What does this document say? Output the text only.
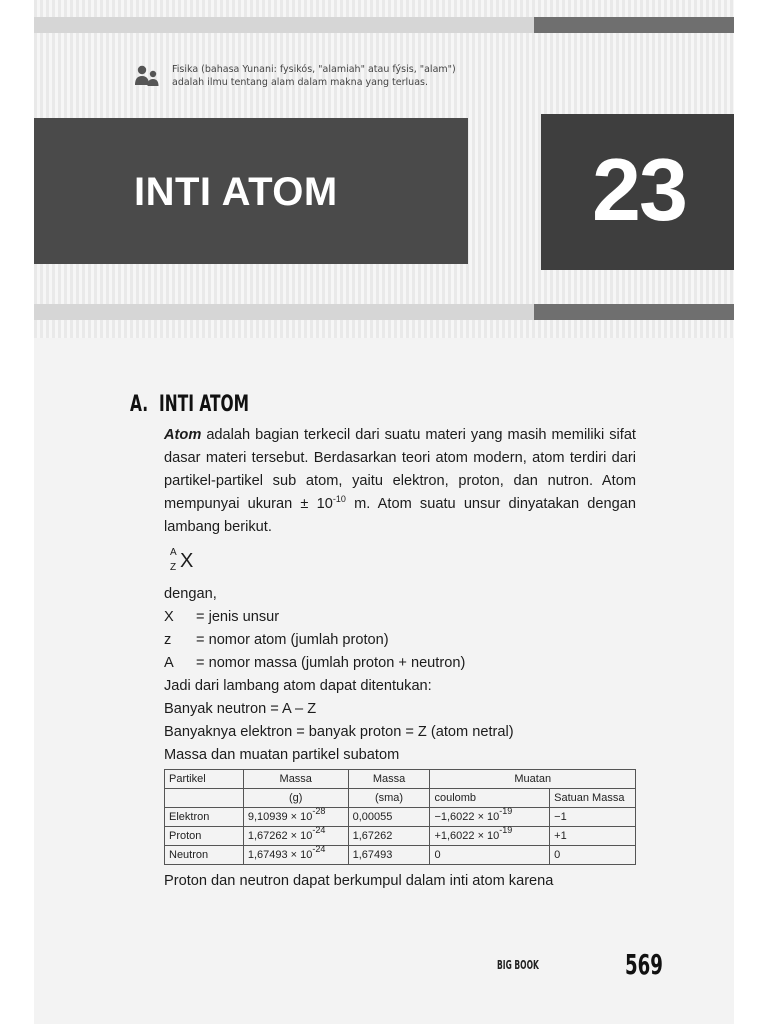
Fisika (bahasa Yunani: fysikós, "alamiah" atau fýsis, "alam")
adalah ilmu tentang alam dalam makna yang terluas.
INTI ATOM	23
A. INTI ATOM

Atom adalah bagian terkecil dari suatu materi yang masih memiliki sifat dasar materi tersebut. Berdasarkan teori atom modern, atom terdiri dari partikel-partikel sub atom, yaitu elektron, proton, dan nutron. Atom mempunyai ukuran ± $10^{-10}$ m. Atom suatu unsur dinyatakan dengan lambang berikut.

A
Z X
dengan,
X	= jenis unsur
z	= nomor atom (jumlah proton)
A	= nomor massa (jumlah proton + neutron)
Jadi dari lambang atom dapat ditentukan:
Banyak neutron = A – Z
Banyaknya elektron = banyak proton = Z (atom netral)
Massa dan muatan partikel subatom
Partikel	Massa	Massa	Muatan	
	(g)	(sma)	coulomb	Satuan Massa
Elektron	$9,10939 \times 10^{-28}$	0,00055	$-1,6022 \times 10^{-19}$	−1
Proton	$1,67262 \times 10^{-24}$	1,67262	$+1,6022 \times 10^{-19}$	+1
Neutron	$1,67493 \times 10^{-24}$	1,67493	0	0
Proton dan neutron dapat berkumpul dalam inti atom karena
BIG BOOK	569
